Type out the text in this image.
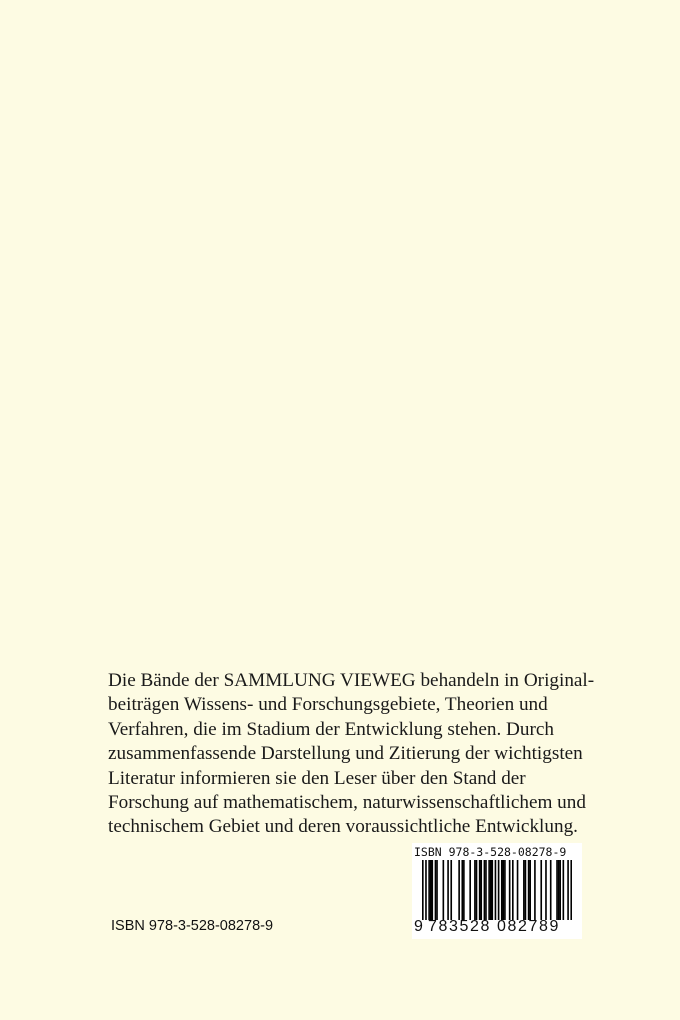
Die Bände der SAMMLUNG VIEWEG behandeln in Original-
beiträgen Wissens- und Forschungsgebiete, Theorien und
Verfahren, die im Stadium der Entwicklung stehen. Durch
zusammenfassende Darstellung und Zitierung der wichtigsten
Literatur informieren sie den Leser über den Stand der
Forschung auf mathematischem, naturwissenschaftlichem und
technischem Gebiet und deren voraussichtliche Entwicklung.
ISBN 978-3-528-08278-9
ISBN 978-3-528-08278-9
9 783528 082789
